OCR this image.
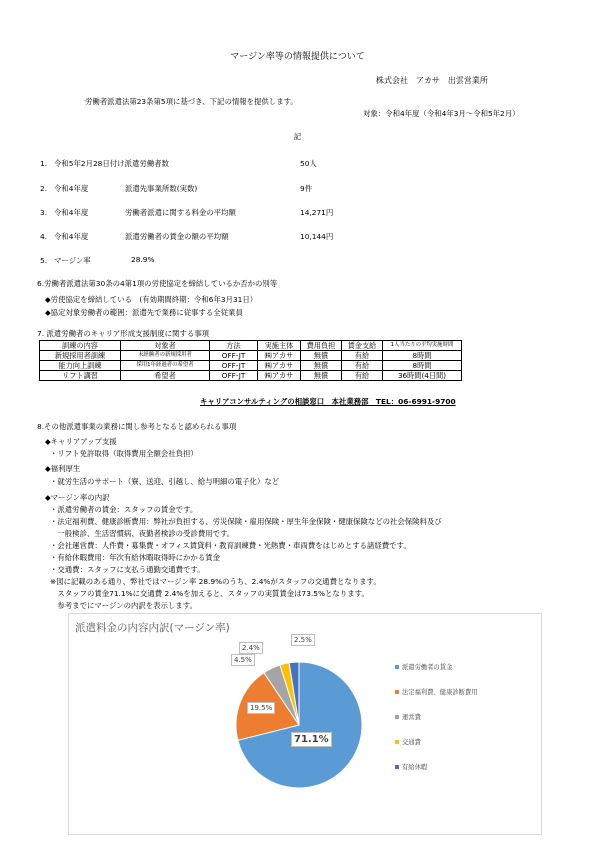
マージン率等の情報提供について
株式会社　アカサ　出雲営業所
労働者派遣法第23条第5項に基づき、下記の情報を提供します。
対象：令和4年度（令和4年3月～令和5年2月）
記
1. 令和5年2月28日付け派遣労働者数	50人
2. 令和4年度	派遣先事業所数(実数)	9件
3. 令和4年度	労働者派遣に関する料金の平均額	14,271円
4. 令和4年度	派遣労働者の賃金の額の平均額	10,144円
5. マージン率	28.9%
6.労働者派遣法第30条の4第1項の労使協定を締結しているか否かの別等
◆労使協定を締結している　(有効期間終期：令和6年3月31日）
◆協定対象労働者の範囲：派遣先で業務に従事する全従業員
7. 派遣労働者のキャリア形成支援制度に関する事項
訓練の内容	対象者	方法	実施主体	費用負担	賃金支給	1人当たりの平均実施時間
新規採用者訓練	未経験者の新規採用者	OFF-JT	㈱アカサ	無償	有給	8時間
能力向上訓練	採用1年経過者の希望者	OFF-JT	㈱アカサ	無償	有給	8時間
リフト講習	希望者	OFF-JT	㈱アカサ	無償	有給	36時間(4日間)
キャリアコンサルティングの相談窓口　本社業務部　TEL：06-6991-9700
8.その他派遣事業の業務に関し参考となると認められる事項
◆キャリアアップ支援
・リフト免許取得（取得費用全額会社負担）
◆福利厚生
・就労生活のサポート（寮、送迎、引越し、給与明細の電子化）など
◆マージン率の内訳
・派遣労働者の賃金：スタッフの賃金です。
・法定福利費、健康診断費用：弊社が負担する、労災保険・雇用保険・厚生年金保険・健康保険などの社会保険料及び
　一般検診、生活習慣病、夜勤者検診の受診費用です。
・会社運営費：人件費・募集費・オフィス賃貸料・教育訓練費・光熱費・車両費をはじめとする諸経費です。
・有給休暇費用：年次有給休暇取得時にかかる賃金
・交通費：スタッフに支払う通勤交通費です。
※図に記載のある通り、弊社ではマージン率 28.9%のうち、2.4%がスタッフの交通費となります。
　スタッフの賃金71.1%に交通費 2.4%を加えると、スタッフの実質賃金は73.5%となります。
　参考までにマージンの内訳を表示します。
派遣料金の内容内訳(マージン率)
派遣労働者の賃金
法定福利費、健康診断費用
運営費
交通費
有給休暇
71.1%
19.5%
4.5%
2.4%
2.5%
